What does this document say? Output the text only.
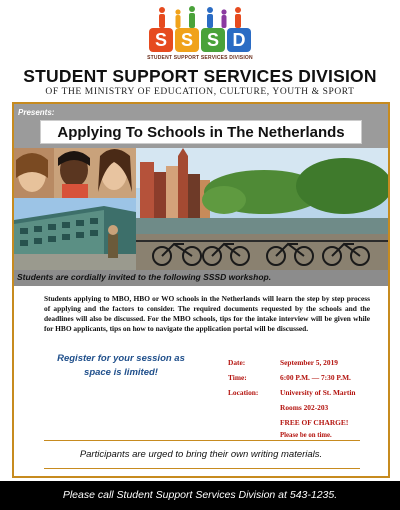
S S S D
STUDENT SUPPORT SERVICES DIVISION
STUDENT SUPPORT SERVICES DIVISION
OF THE MINISTRY OF EDUCATION, CULTURE, YOUTH & SPORT
Presents:
Applying To Schools in The Netherlands
Students are cordially invited to the following SSSD workshop.
Students applying to MBO, HBO or WO schools in the Netherlands will learn the step by step process of applying and the factors to consider. The required documents requested by the schools and the deadlines will also be discussed. For the MBO schools, tips for the intake interview will be given while for HBO applicants, tips on how to navigate the application portal will be discussed.
Register for your session as
space is limited!
Date:	September 5, 2019
Time:	6:00 P.M. — 7:30 P.M.
Location:	University of St. Martin
Rooms 202-203
FREE OF CHARGE!
Please be on time.
Participants are urged to bring their own writing materials.
Please call Student Support Services Division at 543-1235.
